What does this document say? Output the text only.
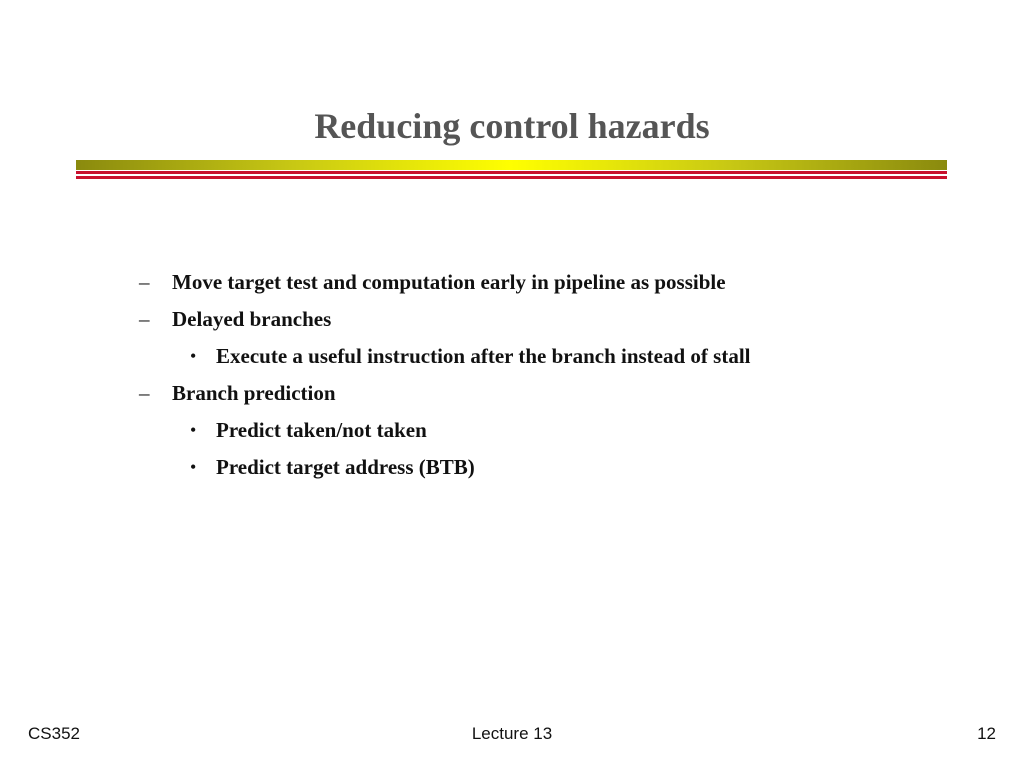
Reducing control hazards
– Move target test and computation early in pipeline as possible
– Delayed branches
• Execute a useful instruction after the branch instead of stall
– Branch prediction
• Predict taken/not taken
• Predict target address (BTB)
CS352	Lecture 13	12
